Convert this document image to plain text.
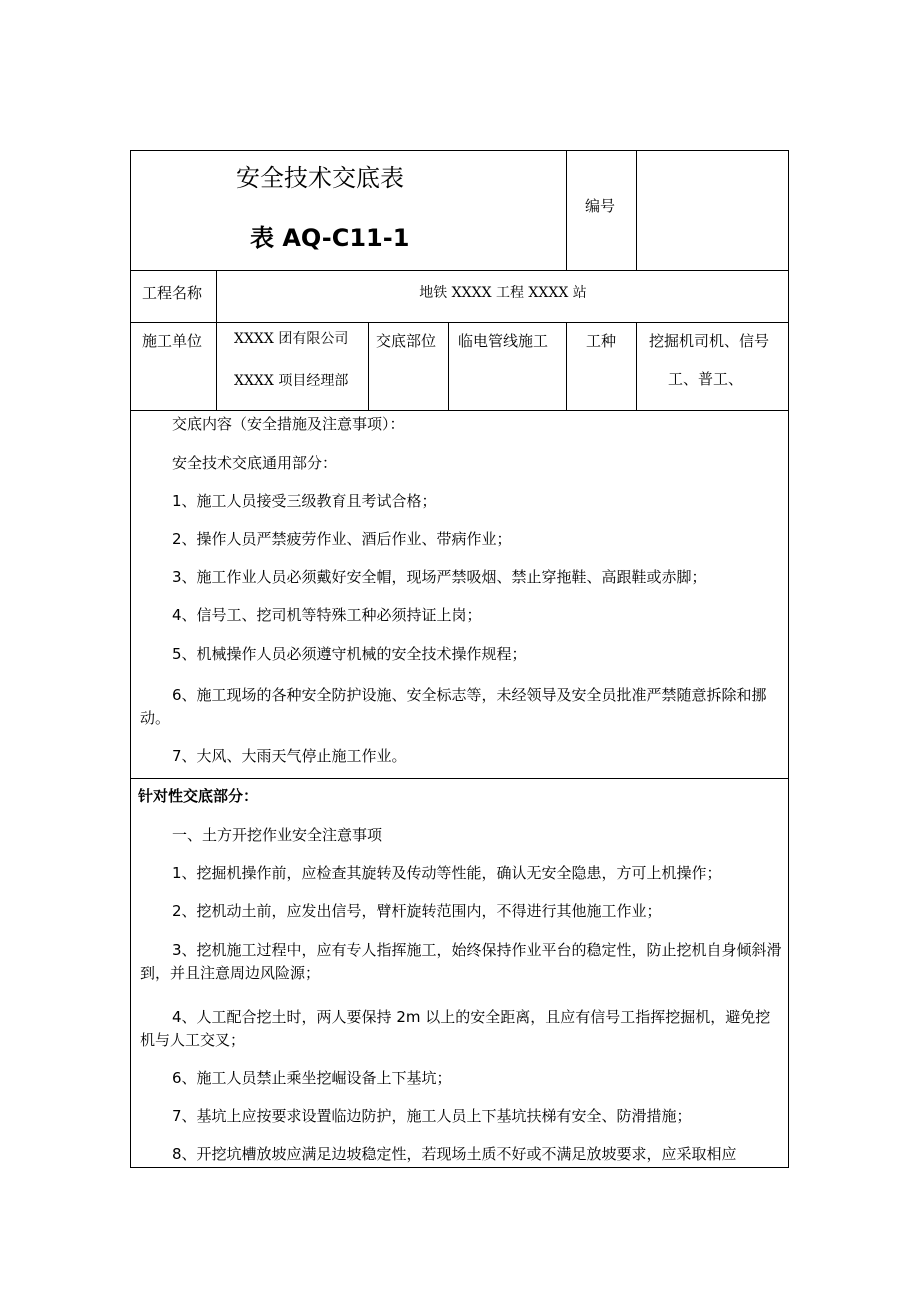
安全技术交底表
表 AQ-C11-1
编号
工程名称	地铁 XXXX 工程 XXXX 站
施工单位 XXXX 团有限公司
XXXX 项目经理部
交底部位 临电管线施工	工种 挖掘机司机、信号
工、普工、
交底内容（安全措施及注意事项）：
安全技术交底通用部分：
1、施工人员接受三级教育且考试合格；
2、操作人员严禁疲劳作业、酒后作业、带病作业；
3、施工作业人员必须戴好安全帽，现场严禁吸烟、禁止穿拖鞋、高跟鞋或赤脚；
4、信号工、挖司机等特殊工种必须持证上岗；
5、机械操作人员必须遵守机械的安全技术操作规程；
6、施工现场的各种安全防护设施、安全标志等，未经领导及安全员批准严禁随意拆除和挪动。
7、大风、大雨天气停止施工作业。
针对性交底部分：
一、土方开挖作业安全注意事项
1、挖掘机操作前，应检查其旋转及传动等性能，确认无安全隐患，方可上机操作；
2、挖机动土前，应发出信号，臂杆旋转范围内，不得进行其他施工作业；
3、挖机施工过程中，应有专人指挥施工，始终保持作业平台的稳定性，防止挖机自身倾斜滑到，并且注意周边风险源；
4、人工配合挖土时，两人要保持 2m 以上的安全距离，且应有信号工指挥挖掘机，避免挖机与人工交叉；
6、施工人员禁止乘坐挖崛设备上下基坑；
7、基坑上应按要求设置临边防护，施工人员上下基坑扶梯有安全、防滑措施；
8、开挖坑槽放坡应满足边坡稳定性，若现场土质不好或不满足放坡要求，应采取相应
